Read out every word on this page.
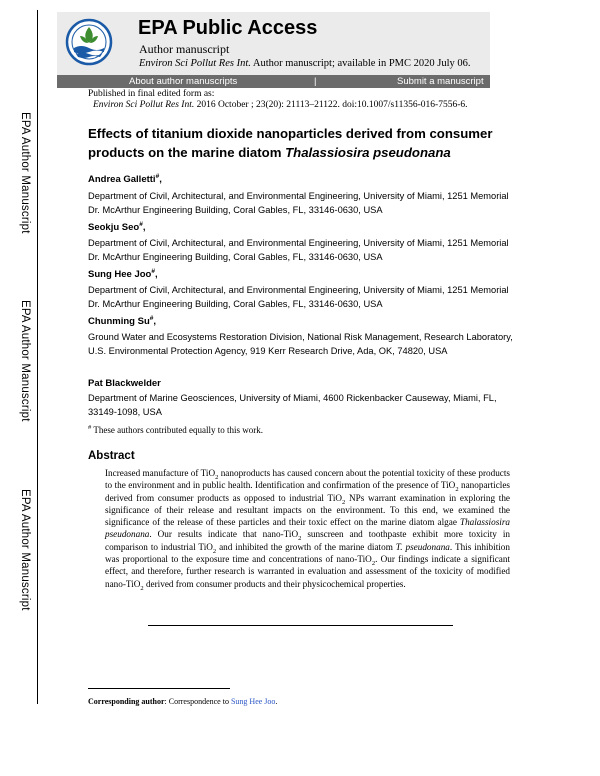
EPA Author Manuscript
EPA Author Manuscript
EPA Author Manuscript
EPA Public Access
Author manuscript
Environ Sci Pollut Res Int. Author manuscript; available in PMC 2020 July 06.
About author manuscripts	|	Submit a manuscript
Published in final edited form as:
Environ Sci Pollut Res Int. 2016 October ; 23(20): 21113–21122. doi:10.1007/s11356-016-7556-6.
Effects of titanium dioxide nanoparticles derived from consumer products on the marine diatom Thalassiosira pseudonana
Andrea Galletti#,
Department of Civil, Architectural, and Environmental Engineering, University of Miami, 1251 Memorial Dr. McArthur Engineering Building, Coral Gables, FL, 33146-0630, USA
Seokju Seo#,
Department of Civil, Architectural, and Environmental Engineering, University of Miami, 1251 Memorial Dr. McArthur Engineering Building, Coral Gables, FL, 33146-0630, USA
Sung Hee Joo#,
Department of Civil, Architectural, and Environmental Engineering, University of Miami, 1251 Memorial Dr. McArthur Engineering Building, Coral Gables, FL, 33146-0630, USA
Chunming Su#,
Ground Water and Ecosystems Restoration Division, National Risk Management, Research Laboratory, U.S. Environmental Protection Agency, 919 Kerr Research Drive, Ada, OK, 74820, USA
Pat Blackwelder
Department of Marine Geosciences, University of Miami, 4600 Rickenbacker Causeway, Miami, FL, 33149-1098, USA
# These authors contributed equally to this work.
Abstract
Increased manufacture of TiO$_2$ nanoproducts has caused concern about the potential toxicity of these products to the environment and in public health. Identification and confirmation of the presence of TiO$_2$ nanoparticles derived from consumer products as opposed to industrial TiO$_2$ NPs warrant examination in exploring the significance of their release and resultant impacts on the environment. To this end, we examined the significance of the release of these particles and their toxic effect on the marine diatom algae Thalassiosira pseudonana. Our results indicate that nano-TiO$_2$ sunscreen and toothpaste exhibit more toxicity in comparison to industrial TiO$_2$ and inhibited the growth of the marine diatom T. pseudonana. This inhibition was proportional to the exposure time and concentrations of nano-TiO$_2$. Our findings indicate a significant effect, and therefore, further research is warranted in evaluation and assessment of the toxicity of modified nano-TiO$_2$ derived from consumer products and their physicochemical properties.
Corresponding author: Correspondence to Sung Hee Joo.
